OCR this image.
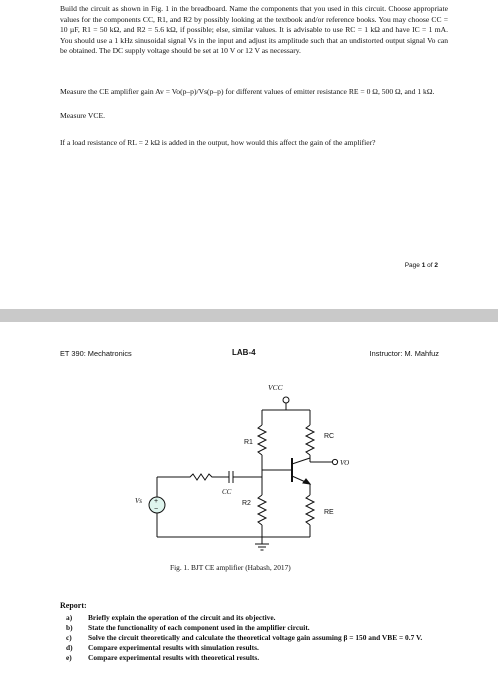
Build the circuit as shown in Fig. 1 in the breadboard. Name the components that you used in this circuit. Choose appropriate values for the components CC, R1, and R2 by possibly looking at the textbook and/or reference books. You may choose CC = 10 µF, R1 = 50 kΩ, and R2 = 5.6 kΩ, if possible; else, similar values. It is advisable to use RC = 1 kΩ and have IC = 1 mA. You should use a 1 kHz sinusoidal signal Vs in the input and adjust its amplitude such that an undistorted output signal Vo can be obtained. The DC supply voltage should be set at 10 V or 12 V as necessary.

Measure the CE amplifier gain Av = Vo(p–p)/Vs(p–p) for different values of emitter resistance RE = 0 Ω, 500 Ω, and 1 kΩ.

Measure VCE.

If a load resistance of RL = 2 kΩ is added in the output, how would this affect the gain of the amplifier?

Page 1 of 2
ET 390: Mechatronics	LAB-4	Instructor: M. Mahfuz
VCC
R1
RC
VO
RE
R2
CC
+
−
Vs
Fig. 1. BJT CE amplifier (Habash, 2017)
Report:
a) Briefly explain the operation of the circuit and its objective.
b) State the functionality of each component used in the amplifier circuit.
c) Solve the circuit theoretically and calculate the theoretical voltage gain assuming β = 150 and VBE = 0.7 V.
d) Compare experimental results with simulation results.
e) Compare experimental results with theoretical results.
